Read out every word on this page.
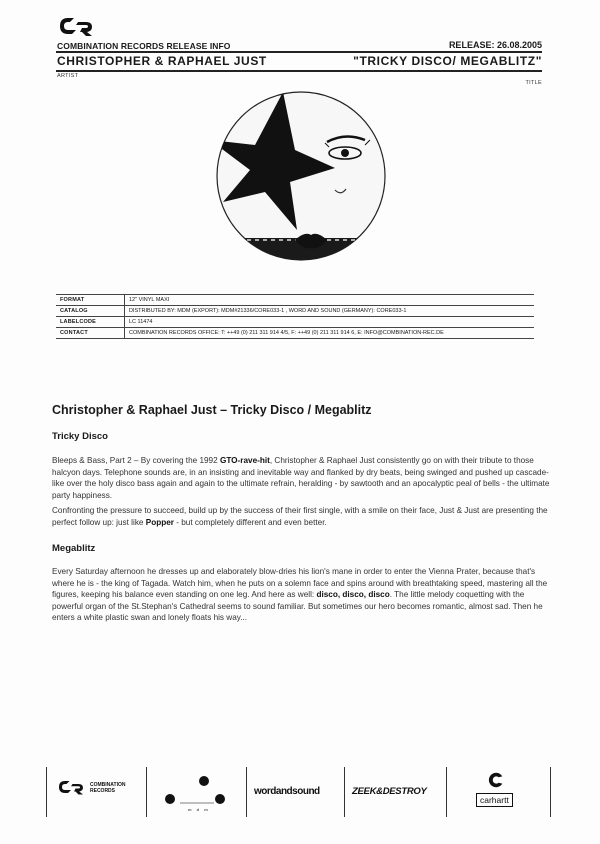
COMBINATION RECORDS RELEASE INFO	RELEASE: 26.08.2005
CHRISTOPHER & RAPHAEL JUST	"TRICKY DISCO/ MEGABLITZ"
ARTIST
TITLE
FORMAT	12" VINYL MAXI
CATALOG	DISTRIBUTED BY: MDM (EXPORT): MDM#21336/CORE033-1 , WORD AND SOUND (GERMANY): CORE033-1
LABELCODE	LC 11474
CONTACT	COMBINATION RECORDS OFFICE: T: ++49 (0) 211 311 914 4/5, F: ++49 (0) 211 311 914 6, E: INFO@COMBINATION-REC.DE
Christopher & Raphael Just – Tricky Disco / Megablitz
Tricky Disco
Bleeps & Bass, Part 2 – By covering the 1992 GTO-rave-hit, Christopher & Raphael Just consistently go on with their tribute to those halcyon days. Telephone sounds are, in an insisting and inevitable way and flanked by dry beats, being swinged and pushed up cascade-like over the holy disco bass again and again to the ultimate refrain, heralding - by sawtooth and an apocalyptic peal of bells - the ultimate party happiness.
Confronting the pressure to succeed, build up by the success of their first single, with a smile on their face, Just & Just are presenting the perfect follow up: just like Popper - but completely different and even better.
Megablitz
Every Saturday afternoon he dresses up and elaborately blow-dries his lion's mane in order to enter the Vienna Prater, because that's where he is - the king of Tagada. Watch him, when he puts on a solemn face and spins around with breathtaking speed, mastering all the figures, keeping his balance even standing on one leg. And here as well: disco, disco, disco. The little melody coquetting with the powerful organ of the St.Stephan's Cathedral seems to sound familiar. But sometimes our hero becomes romantic, almost sad. Then he enters a white plastic swan and lonely floats his way...
COMBINATION RECORDS
m d m
wordandsound	ZEEK&DESTROY
carhartt
